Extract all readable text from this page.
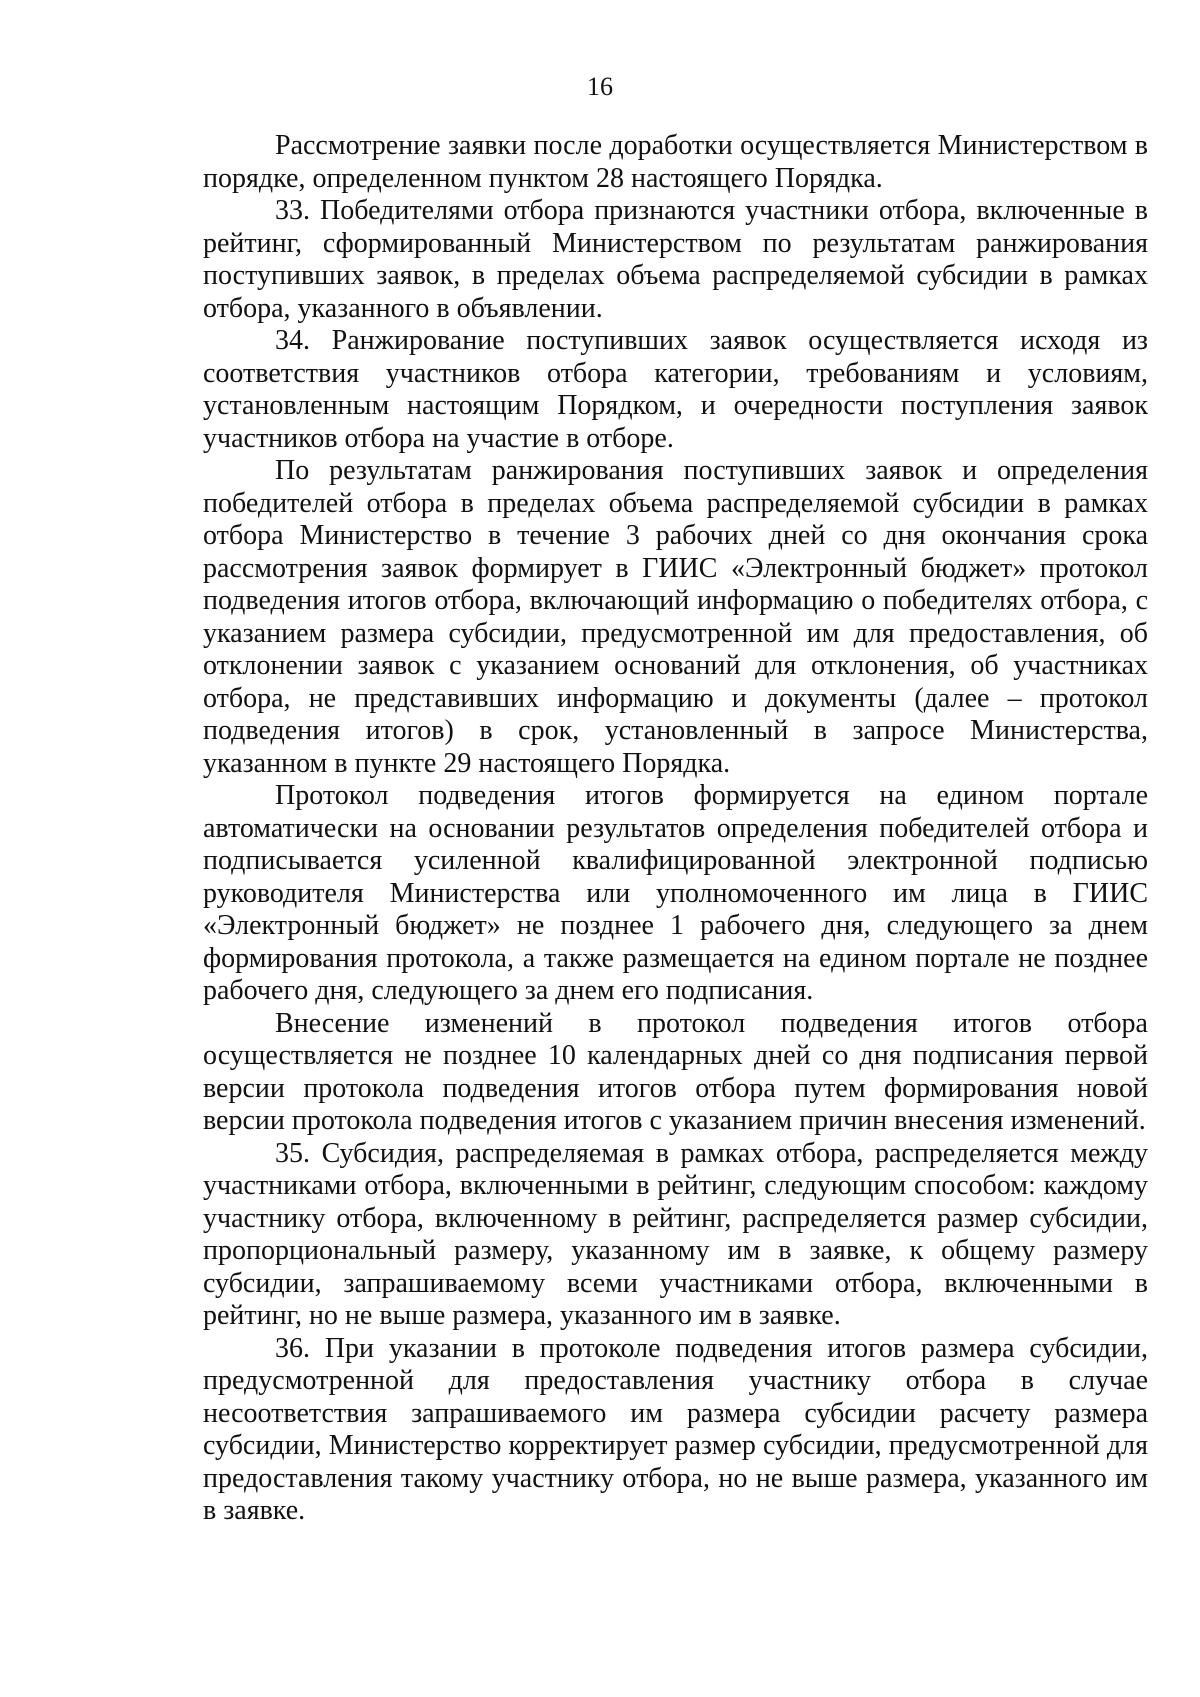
16

Рассмотрение заявки после доработки осуществляется Министерством в порядке, определенном пунктом 28 настоящего Порядка.

33. Победителями отбора признаются участники отбора, включенные в рейтинг, сформированный Министерством по результатам ранжирования поступивших заявок, в пределах объема распределяемой субсидии в рамках отбора, указанного в объявлении.

34. Ранжирование поступивших заявок осуществляется исходя из соответствия участников отбора категории, требованиям и условиям, установленным настоящим Порядком, и очередности поступления заявок участников отбора на участие в отборе.

По результатам ранжирования поступивших заявок и определения победителей отбора в пределах объема распределяемой субсидии в рамках отбора Министерство в течение 3 рабочих дней со дня окончания срока рассмотрения заявок формирует в ГИИС «Электронный бюджет» протокол подведения итогов отбора, включающий информацию о победителях отбора, с указанием размера субсидии, предусмотренной им для предоставления, об отклонении заявок с указанием оснований для отклонения, об участниках отбора, не представивших информацию и документы (далее – протокол подведения итогов) в срок, установленный в запросе Министерства, указанном в пункте 29 настоящего Порядка.

Протокол подведения итогов формируется на едином портале автоматически на основании результатов определения победителей отбора и подписывается усиленной квалифицированной электронной подписью руководителя Министерства или уполномоченного им лица в ГИИС «Электронный бюджет» не позднее 1 рабочего дня, следующего за днем формирования протокола, а также размещается на едином портале не позднее рабочего дня, следующего за днем его подписания.

Внесение изменений в протокол подведения итогов отбора осуществляется не позднее 10 календарных дней со дня подписания первой версии протокола подведения итогов отбора путем формирования новой версии протокола подведения итогов с указанием причин внесения изменений.

35. Субсидия, распределяемая в рамках отбора, распределяется между участниками отбора, включенными в рейтинг, следующим способом: каждому участнику отбора, включенному в рейтинг, распределяется размер субсидии, пропорциональный размеру, указанному им в заявке, к общему размеру субсидии, запрашиваемому всеми участниками отбора, включенными в рейтинг, но не выше размера, указанного им в заявке.

36. При указании в протоколе подведения итогов размера субсидии, предусмотренной для предоставления участнику отбора в случае несоответствия запрашиваемого им размера субсидии расчету размера субсидии, Министерство корректирует размер субсидии, предусмотренной для предоставления такому участнику отбора, но не выше размера, указанного им в заявке.
